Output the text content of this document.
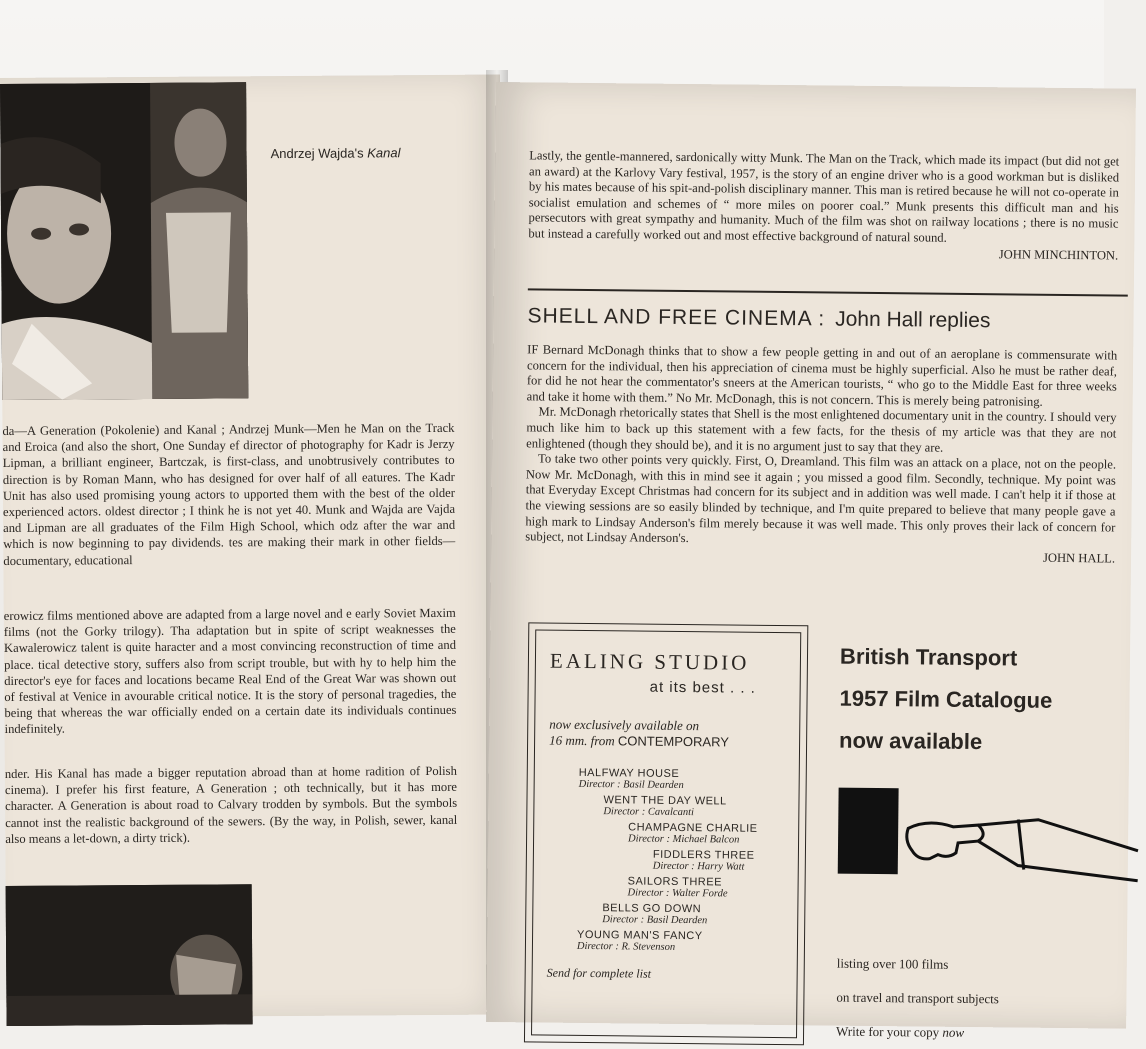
Andrzej Wajda's Kanal

da—A Generation (Pokolenie) and Kanal ; Andrzej Munk—Men he Man on the Track and Eroica (and also the short, One Sunday ef director of photography for Kadr is Jerzy Lipman, a brilliant engineer, Bartczak, is first-class, and unobtrusively contributes to direction is by Roman Mann, who has designed for over half of all eatures. The Kadr Unit has also used promising young actors to upported them with the best of the older experienced actors. oldest director ; I think he is not yet 40. Munk and Wajda are Vajda and Lipman are all graduates of the Film High School, which odz after the war and which is now beginning to pay dividends. tes are making their mark in other fields—documentary, educational

erowicz films mentioned above are adapted from a large novel and e early Soviet Maxim films (not the Gorky trilogy). Tha adaptation but in spite of script weaknesses the Kawalerowicz talent is quite haracter and a most convincing reconstruction of time and place. tical detective story, suffers also from script trouble, but with hy to help him the director's eye for faces and locations became Real End of the Great War was shown out of festival at Venice in avourable critical notice. It is the story of personal tragedies, the being that whereas the war officially ended on a certain date its individuals continues indefinitely.

nder. His Kanal has made a bigger reputation abroad than at home radition of Polish cinema). I prefer his first feature, A Generation ; oth technically, but it has more character. A Generation is about road to Calvary trodden by symbols. But the symbols cannot inst the realistic background of the sewers. (By the way, in Polish, sewer, kanal also means a let-down, a dirty trick).

Lastly, the gentle-mannered, sardonically witty Munk. The Man on the Track, which made its impact (but did not get an award) at the Karlovy Vary festival, 1957, is the story of an engine driver who is a good workman but is disliked by his mates because of his spit-and-polish disciplinary manner. This man is retired because he will not co-operate in socialist emulation and schemes of “ more miles on poorer coal.” Munk presents this difficult man and his persecutors with great sympathy and humanity. Much of the film was shot on railway locations ; there is no music but instead a carefully worked out and most effective background of natural sound.

JOHN MINCHINTON.
SHELL AND FREE CINEMA : John Hall replies

IF Bernard McDonagh thinks that to show a few people getting in and out of an aeroplane is commensurate with concern for the individual, then his appreciation of cinema must be highly superficial. Also he must be rather deaf, for did he not hear the commentator's sneers at the American tourists, “ who go to the Middle East for three weeks and take it home with them.” No Mr. McDonagh, this is not concern. This is merely being patronising.

Mr. McDonagh rhetorically states that Shell is the most enlightened documentary unit in the country. I should very much like him to back up this statement with a few facts, for the thesis of my article was that they are not enlightened (though they should be), and it is no argument just to say that they are.

To take two other points very quickly. First, O, Dreamland. This film was an attack on a place, not on the people. Now Mr. McDonagh, with this in mind see it again ; you missed a good film. Secondly, technique. My point was that Everyday Except Christmas had concern for its subject and in addition was well made. I can't help it if those at the viewing sessions are so easily blinded by technique, and I'm quite prepared to believe that many people gave a high mark to Lindsay Anderson's film merely because it was well made. This only proves their lack of concern for subject, not Lindsay Anderson's.

JOHN HALL.
EALING STUDIO
at its best . . .
now exclusively available on
16 mm. from CONTEMPORARY
HALFWAY HOUSE
Director : Basil Dearden
WENT THE DAY WELL
Director : Cavalcanti
CHAMPAGNE CHARLIE
Director : Michael Balcon
FIDDLERS THREE
Director : Harry Watt
SAILORS THREE
Director : Walter Forde
BELLS GO DOWN
Director : Basil Dearden
YOUNG MAN'S FANCY
Director : R. Stevenson
Send for complete list
British Transport
1957 Film Catalogue
now available
listing over 100 films
on travel and transport subjects
Write for your copy now
